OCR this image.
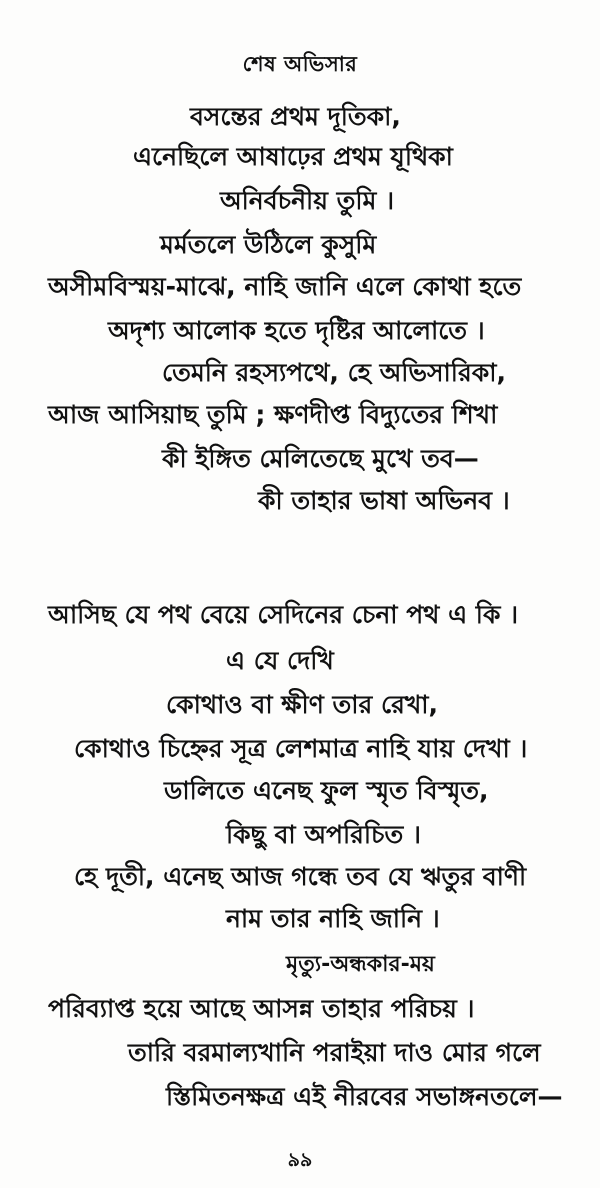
শেষ অভিসার
বসন্তের প্রথম দূতিকা,
এনেছিলে আষাঢ়ের প্রথম যূথিকা
অনির্বচনীয় তুমি ।
মর্মতলে উঠিলে কুসুমি
অসীমবিস্ময়-মাঝে, নাহি জানি এলে কোথা হতে
অদৃশ্য আলোক হতে দৃষ্টির আলোতে ।
তেমনি রহস্যপথে, হে অভিসারিকা,
আজ আসিয়াছ তুমি ; ক্ষণদীপ্ত বিদ্যুতের শিখা
কী ইঙ্গিত মেলিতেছে মুখে তব—
কী তাহার ভাষা অভিনব ।
আসিছ যে পথ বেয়ে সেদিনের চেনা পথ এ কি ।
এ যে দেখি
কোথাও বা ক্ষীণ তার রেখা,
কোথাও চিহ্নের সূত্র লেশমাত্র নাহি যায় দেখা ।
ডালিতে এনেছ ফুল স্মৃত বিস্মৃত,
কিছু বা অপরিচিত ।
হে দূতী, এনেছ আজ গন্ধে তব যে ঋতুর বাণী
নাম তার নাহি জানি ।
মৃত্যু-অন্ধকার-ময়
পরিব্যাপ্ত হয়ে আছে আসন্ন তাহার পরিচয় ।
তারি বরমাল্যখানি পরাইয়া দাও মোর গলে
স্তিমিতনক্ষত্র এই নীরবের সভাঙ্গনতলে—
৯৯
